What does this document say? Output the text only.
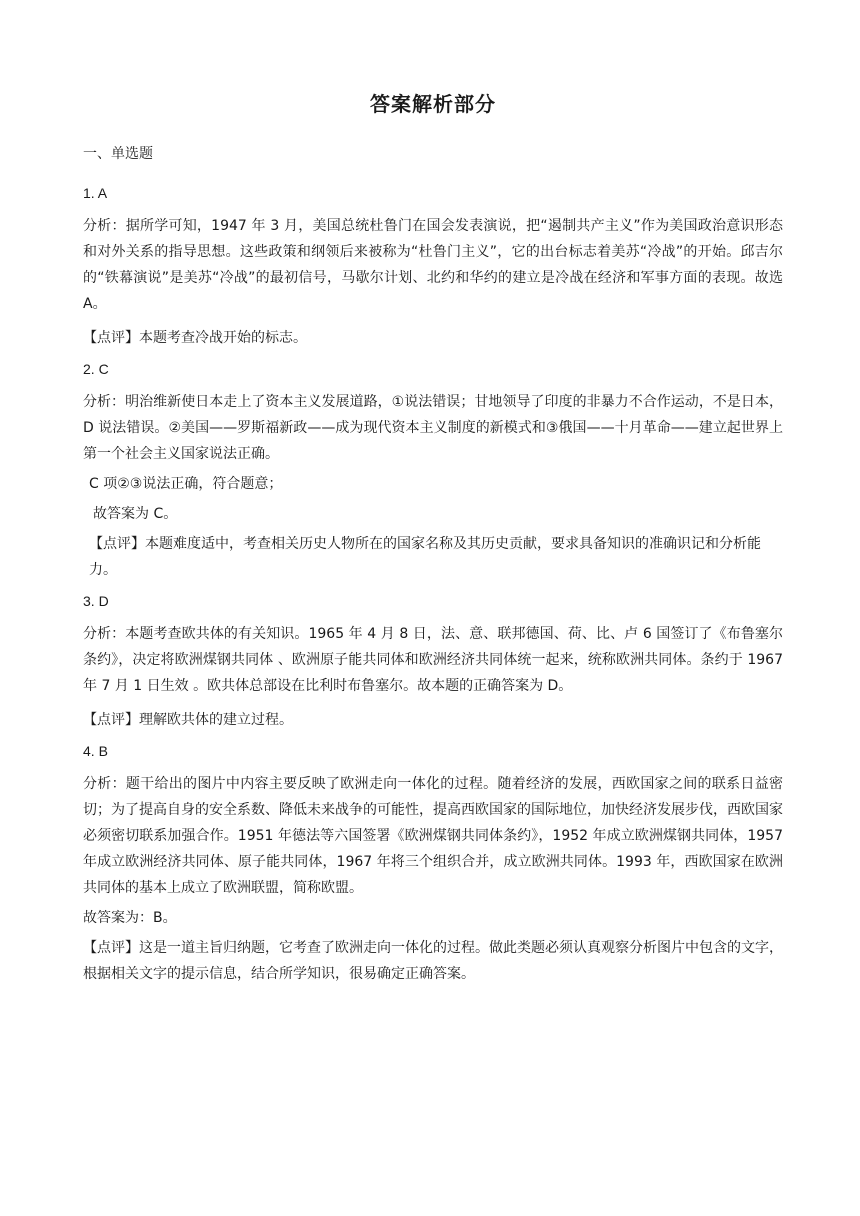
答案解析部分
一、单选题
1. A
分析：据所学可知，1947 年 3 月，美国总统杜鲁门在国会发表演说，把“遏制共产主义”作为美国政治意识形态和对外关系的指导思想。这些政策和纲领后来被称为“杜鲁门主义”，它的出台标志着美苏“冷战”的开始。邱吉尔的“铁幕演说”是美苏“冷战”的最初信号，马歇尔计划、北约和华约的建立是冷战在经济和军事方面的表现。故选 A。
【点评】本题考查冷战开始的标志。
2. C
分析：明治维新使日本走上了资本主义发展道路，①说法错误；甘地领导了印度的非暴力不合作运动，不是日本， D 说法错误。②美国——罗斯福新政——成为现代资本主义制度的新模式和③俄国——十月革命——建立起世界上第一个社会主义国家说法正确。
C 项②③说法正确，符合题意；
故答案为 C。
【点评】本题难度适中，考查相关历史人物所在的国家名称及其历史贡献，要求具备知识的准确识记和分析能力。
3. D
分析：本题考查欧共体的有关知识。1965 年 4 月 8 日，法、意、联邦德国、荷、比、卢 6 国签订了《布鲁塞尔条约》，决定将欧洲煤钢共同体 、欧洲原子能共同体和欧洲经济共同体统一起来，统称欧洲共同体。条约于 1967 年 7 月 1 日生效 。欧共体总部设在比利时布鲁塞尔。故本题的正确答案为 D。
【点评】理解欧共体的建立过程。
4. B
分析：题干给出的图片中内容主要反映了欧洲走向一体化的过程。随着经济的发展，西欧国家之间的联系日益密切；为了提高自身的安全系数、降低未来战争的可能性，提高西欧国家的国际地位，加快经济发展步伐，西欧国家必须密切联系加强合作。1951 年德法等六国签署《欧洲煤钢共同体条约》，1952 年成立欧洲煤钢共同体，1957 年成立欧洲经济共同体、原子能共同体，1967 年将三个组织合并，成立欧洲共同体。1993 年，西欧国家在欧洲共同体的基本上成立了欧洲联盟，简称欧盟。
故答案为：B。
【点评】这是一道主旨归纳题，它考查了欧洲走向一体化的过程。做此类题必须认真观察分析图片中包含的文字，根据相关文字的提示信息，结合所学知识，很易确定正确答案。
